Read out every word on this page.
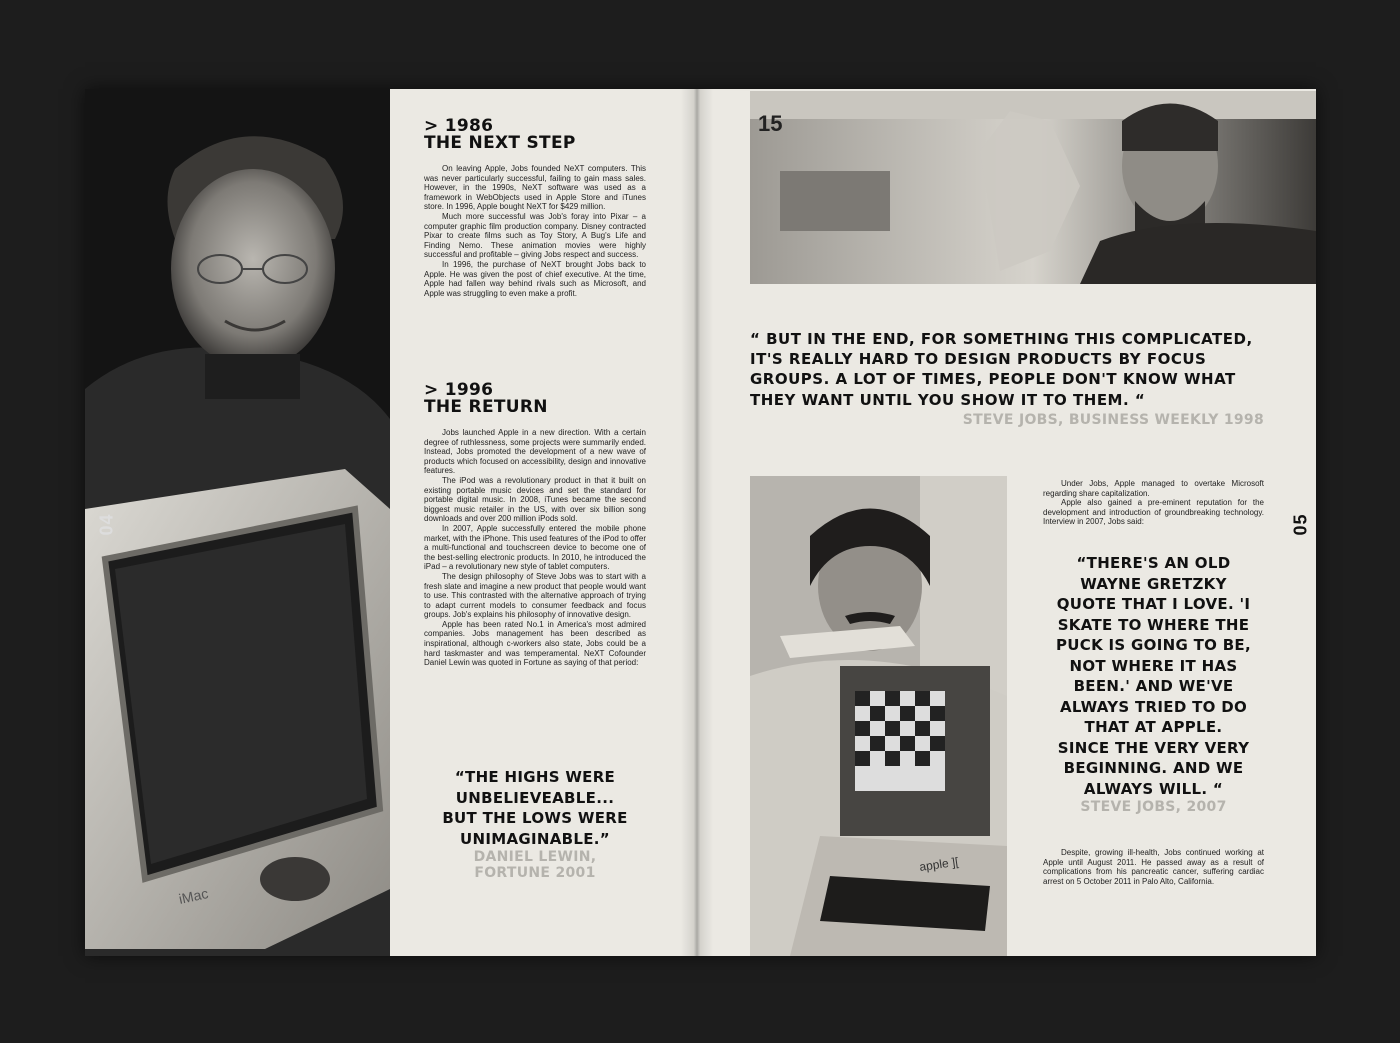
iMac
04
> 1986
THE NEXT STEP

On leaving Apple, Jobs founded NeXT computers. This was never particularly successful, failing to gain mass sales. However, in the 1990s, NeXT software was used as a framework in WebObjects used in Apple Store and iTunes store. In 1996, Apple bought NeXT for $429 million.

Much more successful was Job's foray into Pixar – a computer graphic film production company. Disney contracted Pixar to create films such as Toy Story, A Bug's Life and Finding Nemo. These animation movies were highly successful and profitable – giving Jobs respect and success.

In 1996, the purchase of NeXT brought Jobs back to Apple. He was given the post of chief executive. At the time, Apple had fallen way behind rivals such as Microsoft, and Apple was struggling to even make a profit.

> 1996
THE RETURN

Jobs launched Apple in a new direction. With a certain degree of ruthlessness, some projects were summarily ended. Instead, Jobs promoted the development of a new wave of products which focused on accessibility, design and innovative features.

The iPod was a revolutionary product in that it built on existing portable music devices and set the standard for portable digital music. In 2008, iTunes became the second biggest music retailer in the US, with over six billion song downloads and over 200 million iPods sold.

In 2007, Apple successfully entered the mobile phone market, with the iPhone. This used features of the iPod to offer a multi-functional and touchscreen device to become one of the best-selling electronic products. In 2010, he introduced the iPad – a revolutionary new style of tablet computers.

The design philosophy of Steve Jobs was to start with a fresh slate and imagine a new product that people would want to use. This contrasted with the alternative approach of trying to adapt current models to consumer feedback and focus groups. Job's explains his philosophy of innovative design.

Apple has been rated No.1 in America's most admired companies. Jobs management has been described as inspirational, although c-workers also state, Jobs could be a hard taskmaster and was temperamental. NeXT Cofounder Daniel Lewin was quoted in Fortune as saying of that period:

“THE HIGHS WERE
UNBELIEVEABLE...
BUT THE LOWS WERE
UNIMAGINABLE.”
DANIEL LEWIN,
FORTUNE 2001
15
“ BUT IN THE END, FOR SOMETHING THIS COMPLICATED,
IT'S REALLY HARD TO DESIGN PRODUCTS BY FOCUS
GROUPS. A LOT OF TIMES, PEOPLE DON'T KNOW WHAT
THEY WANT UNTIL YOU SHOW IT TO THEM. “
STEVE JOBS, BUSINESS WEEKLY 1998
apple ][
05

Under Jobs, Apple managed to overtake Microsoft regarding share capitalization.

Apple also gained a pre-eminent reputation for the development and introduction of groundbreaking technology. Interview in 2007, Jobs said:

“THERE'S AN OLD
WAYNE GRETZKY
QUOTE THAT I LOVE. 'I
SKATE TO WHERE THE
PUCK IS GOING TO BE,
NOT WHERE IT HAS
BEEN.' AND WE'VE
ALWAYS TRIED TO DO
THAT AT APPLE.
SINCE THE VERY VERY
BEGINNING. AND WE
ALWAYS WILL. “
STEVE JOBS, 2007

Despite, growing ill-health, Jobs continued working at Apple until August 2011. He passed away as a result of complications from his pancreatic cancer, suffering cardiac arrest on 5 October 2011 in Palo Alto, California.
